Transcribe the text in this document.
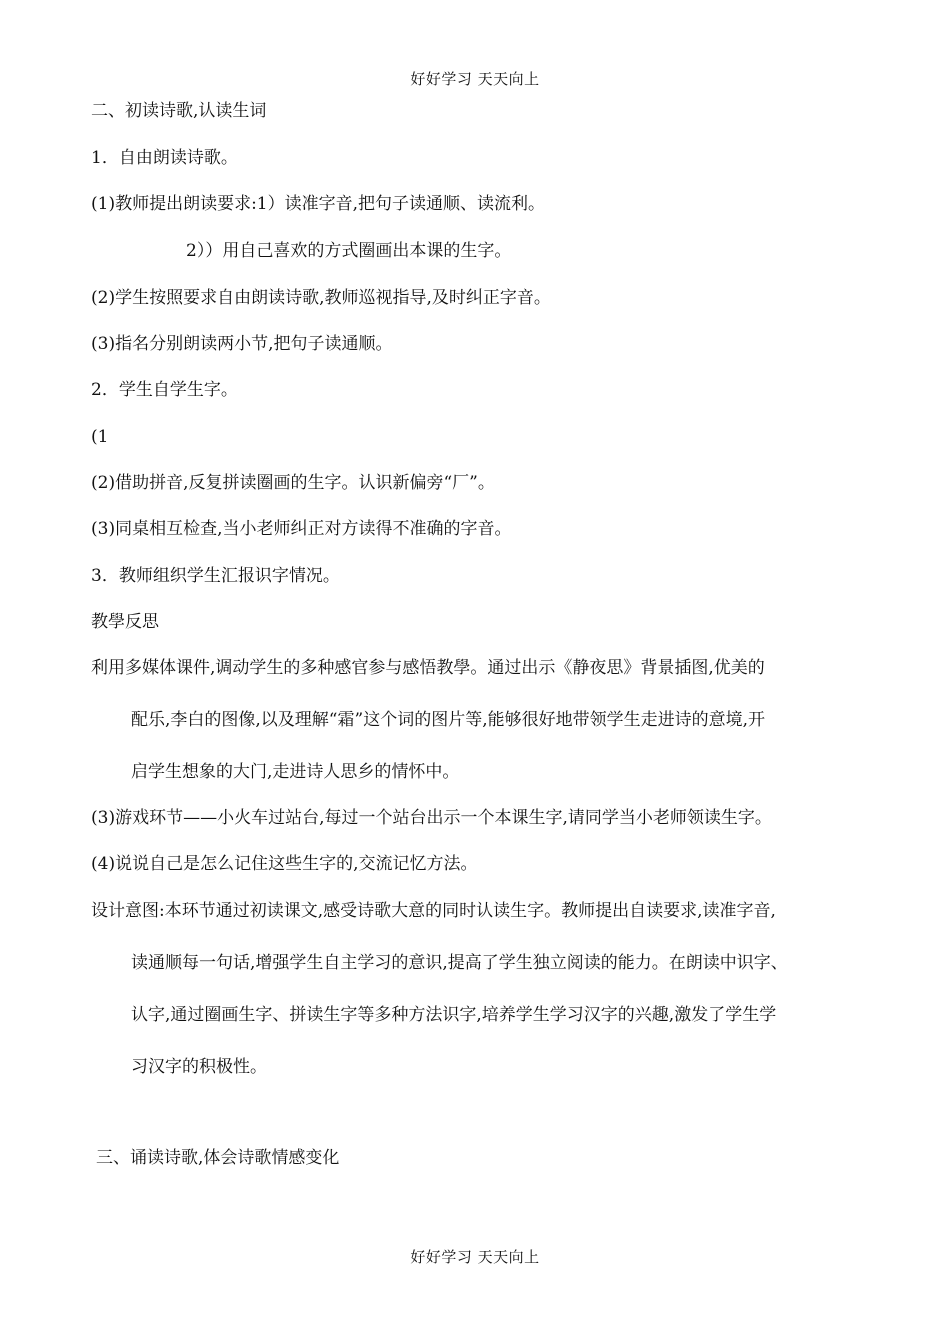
好好学习 天天向上
二、初读诗歌,认读生词
1．自由朗读诗歌。
(1)教师提出朗读要求:1）读准字音,把句子读通顺、读流利。
2））用自己喜欢的方式圈画出本课的生字。
(2)学生按照要求自由朗读诗歌,教师巡视指导,及时纠正字音。
(3)指名分别朗读两小节,把句子读通顺。
2．学生自学生字。
(1
(2)借助拼音,反复拼读圈画的生字。认识新偏旁“厂”。
(3)同桌相互检查,当小老师纠正对方读得不准确的字音。
3．教师组织学生汇报识字情况。
教學反思
利用多媒体课件,调动学生的多种感官参与感悟教學。通过出示《静夜思》背景插图,优美的
配乐,李白的图像,以及理解“霜”这个词的图片等,能够很好地带领学生走进诗的意境,开
启学生想象的大门,走进诗人思乡的情怀中。
(3)游戏环节——小火车过站台,每过一个站台出示一个本课生字,请同学当小老师领读生字。
(4)说说自己是怎么记住这些生字的,交流记忆方法。
设计意图:本环节通过初读课文,感受诗歌大意的同时认读生字。教师提出自读要求,读准字音,
读通顺每一句话,增强学生自主学习的意识,提高了学生独立阅读的能力。在朗读中识字、
认字,通过圈画生字、拼读生字等多种方法识字,培养学生学习汉字的兴趣,激发了学生学
习汉字的积极性。
三、诵读诗歌,体会诗歌情感变化
好好学习 天天向上
